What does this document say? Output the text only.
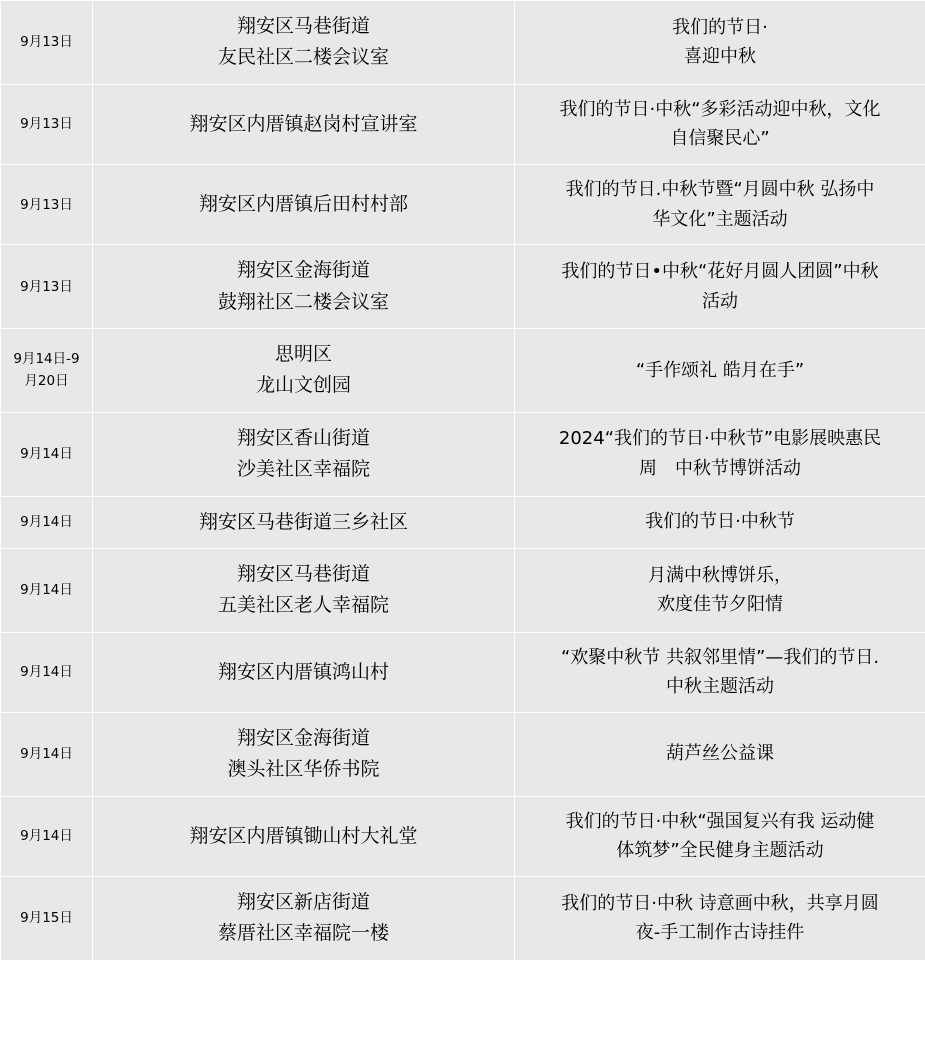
9月13日	翔安区马巷街道
友民社区二楼会议室	我们的节日·
喜迎中秋

9月13日	翔安区内厝镇赵岗村宣讲室	我们的节日·中秋“多彩活动迎中秋，文化
自信聚民心”

9月13日	翔安区内厝镇后田村村部	我们的节日.中秋节暨“月圆中秋 弘扬中
华文化”主题活动

9月13日	翔安区金海街道
鼓翔社区二楼会议室	我们的节日•中秋“花好月圆人团圆”中秋
活动

9月14日-9月20日	思明区
龙山文创园	“手作颂礼 皓月在手”

9月14日	翔安区香山街道
沙美社区幸福院	2024“我们的节日·中秋节”电影展映惠民
周　中秋节博饼活动

9月14日	翔安区马巷街道三乡社区	我们的节日·中秋节

9月14日	翔安区马巷街道
五美社区老人幸福院	月满中秋博饼乐，
欢度佳节夕阳情

9月14日	翔安区内厝镇鸿山村	“欢聚中秋节 共叙邻里情”—我们的节日.
中秋主题活动

9月14日	翔安区金海街道
澳头社区华侨书院	葫芦丝公益课

9月14日	翔安区内厝镇锄山村大礼堂	我们的节日·中秋“强国复兴有我 运动健
体筑梦”全民健身主题活动

9月15日	翔安区新店街道
蔡厝社区幸福院一楼	我们的节日·中秋 诗意画中秋，共享月圆
夜-手工制作古诗挂件
